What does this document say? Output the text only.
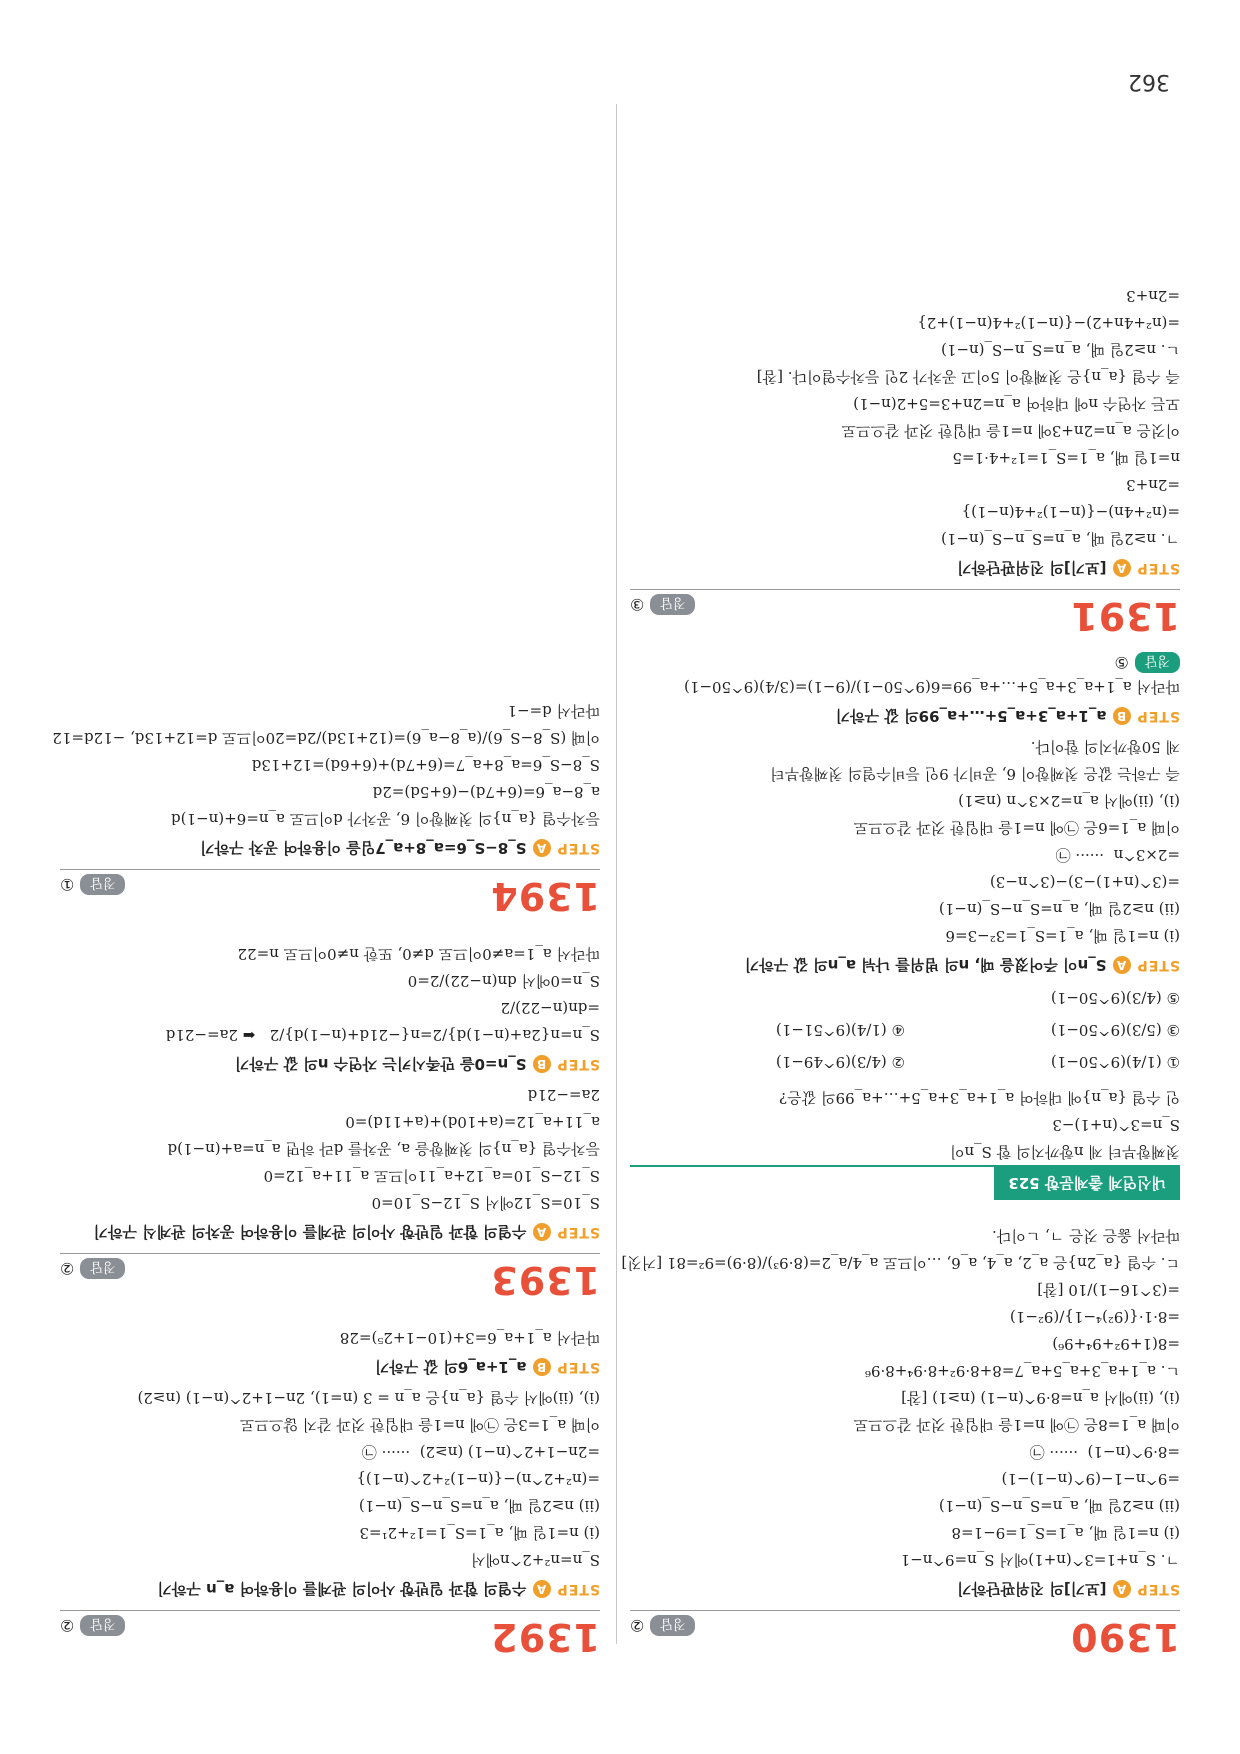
1390
정답
②
STEP
A
[보기]의 진위판단하기
ㄱ. S_n+1=3^(n+1)에서 S_n=9^n−1
(ⅰ) n=1일 때, a_1=S_1=9−1=8
(ⅱ) n≥2일 때, a_n=S_n−S_(n−1)
=9^n−1−(9^(n−1)−1)
=8·9^(n−1)  ······ ㉠
이때 a_1=8은 ㉠에 n=1을 대입한 것과 같으므로
(ⅰ), (ⅱ)에서 a_n=8·9^(n−1) (n≥1) [참]
ㄴ. a_1+a_3+a_5+a_7=8+8·9²+8·9⁴+8·9⁶
=8(1+9²+9⁴+9⁶)
=8·1·{(9²)⁴−1}/(9²−1)
=(3^16−1)/10 [참]
ㄷ. 수열 {a_2n}은 a_2, a_4, a_6, …이므로 a_4/a_2=(8·9³)/(8·9)=9²=81 [거짓]
따라서 옳은 것은 ㄱ, ㄴ이다.
내신연계 출제문항 523
첫째항부터 제 n항까지의 합 S_n이
S_n=3^(n+1)−3
인 수열 {a_n}에 대하여 a_1+a_3+a_5+…+a_99의 값은?
① (1/4)(9^50−1)
② (4/3)(9^49−1)
③ (5/3)(9^50−1)
④ (1/4)(9^51−1)
⑤ (4/3)(9^50−1)
STEP
A
S_n이 주어졌을 때, n의 범위를 나눠 a_n의 값 구하기
(ⅰ) n=1일 때, a_1=S_1=3²−3=6
(ⅱ) n≥2일 때, a_n=S_n−S_(n−1)
=(3^(n+1)−3)−(3^n−3)
=2×3^n  ······ ㉠
이때 a_1=6은 ㉠에 n=1을 대입한 것과 같으므로
(ⅰ), (ⅱ)에서 a_n=2×3^n (n≥1)
즉 구하는 값은 첫째항이 6, 공비가 9인 등비수열의 첫째항부터
제 50항까지의 합이다.
STEP
B
a_1+a_3+a_5+…+a_99의 값 구하기
따라서 a_1+a_3+a_5+…+a_99=6(9^50−1)/(9−1)=(3/4)(9^50−1)
정답
⑤
1391
정답
③
STEP
A
[보기]의 진위판단하기
ㄱ. n≥2일 때, a_n=S_n−S_(n−1)
=(n²+4n)−{(n−1)²+4(n−1)}
=2n+3
n=1일 때, a_1=S_1=1²+4·1=5
이것은 a_n=2n+3에 n=1을 대입한 것과 같으므로
모든 자연수 n에 대하여 a_n=2n+3=5+2(n−1)
즉 수열 {a_n}은 첫째항이 5이고 공차가 2인 등차수열이다. [참]
ㄴ. n≥2일 때, a_n=S_n−S_(n−1)
=(n²+4n+2)−{(n−1)²+4(n−1)+2}
=2n+3
1392
정답
②
STEP
A
수열의 합과 일반항 사이의 관계를 이용하여 a_n 구하기
S_n=n²+2^n에서
(ⅰ) n=1일 때, a_1=S_1=1²+2¹=3
(ⅱ) n≥2일 때, a_n=S_n−S_(n−1)
=(n²+2^n)−{(n−1)²+2^(n−1)}
=2n−1+2^(n−1) (n≥2)  ······ ㉠
이때 a_1=3은 ㉠에 n=1을 대입한 것과 같지 않으므로
(ⅰ), (ⅱ)에서 수열 {a_n}은 a_n = 3 (n=1), 2n−1+2^(n−1) (n≥2)
STEP
B
a_1+a_6의 값 구하기
따라서 a_1+a_6=3+(10−1+2⁵)=28
1393
정답
②
STEP
A
수열의 합과 일반항 사이의 관계를 이용하여 공차의 관계식 구하기
S_10=S_12에서 S_12−S_10=0
S_12−S_10=a_12+a_11이므로 a_11+a_12=0
등차수열 {a_n}의 첫째항을 a, 공차를 d라 하면 a_n=a+(n−1)d
a_11+a_12=(a+10d)+(a+11d)=0
2a=−21d
STEP
B
S_n=0을 만족시키는 자연수 n의 값 구하기
S_n=n{2a+(n−1)d}/2=n{−21d+(n−1)d}/2   ⬅ 2a=−21d
=dn(n−22)/2
S_n=0에서 dn(n−22)/2=0
따라서 a_1=a≠0이므로 d≠0, 또한 n≠0이므로 n=22
1394
정답
①
STEP
A
S_8−S_6=a_8+a_7임을 이용하여 공차 구하기
등차수열 {a_n}의 첫째항이 6, 공차가 d이므로 a_n=6+(n−1)d
a_8−a_6=(6+7d)−(6+5d)=2d
S_8−S_6=a_8+a_7=(6+7d)+(6+6d)=12+13d
이때 (S_8−S_6)/(a_8−a_6)=(12+13d)/2d=20이므로 d=12+13d, −12d=12
따라서 d=−1
362
